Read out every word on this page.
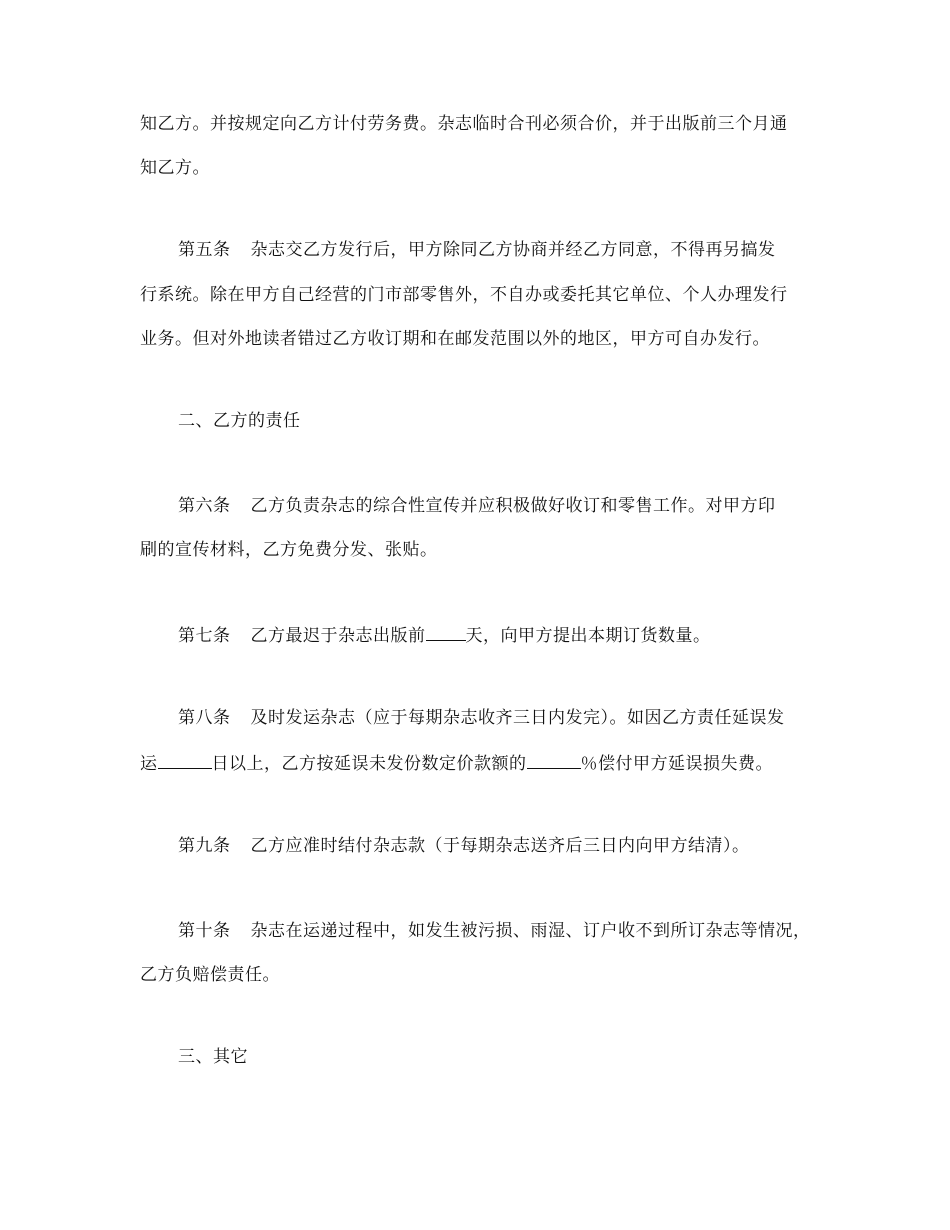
知乙方。并按规定向乙方计付劳务费。杂志临时合刊必须合价，并于出版前三个月通
知乙方。
第五条 杂志交乙方发行后，甲方除同乙方协商并经乙方同意，不得再另搞发
行系统。除在甲方自己经营的门市部零售外，不自办或委托其它单位、个人办理发行
业务。但对外地读者错过乙方收订期和在邮发范围以外的地区，甲方可自办发行。
二、乙方的责任
第六条 乙方负责杂志的综合性宣传并应积极做好收订和零售工作。对甲方印
刷的宣传材料，乙方免费分发、张贴。
第七条 乙方最迟于杂志出版前 天，向甲方提出本期订货数量。
第八条 及时发运杂志（应于每期杂志收齐三日内发完）。如因乙方责任延误发
运	日以上，乙方按延误未发份数定价款额的	％偿付甲方延误损失费。
第九条 乙方应准时结付杂志款（于每期杂志送齐后三日内向甲方结清）。
第十条 杂志在运递过程中，如发生被污损、雨湿、订户收不到所订杂志等情况，
乙方负赔偿责任。
三、其它
